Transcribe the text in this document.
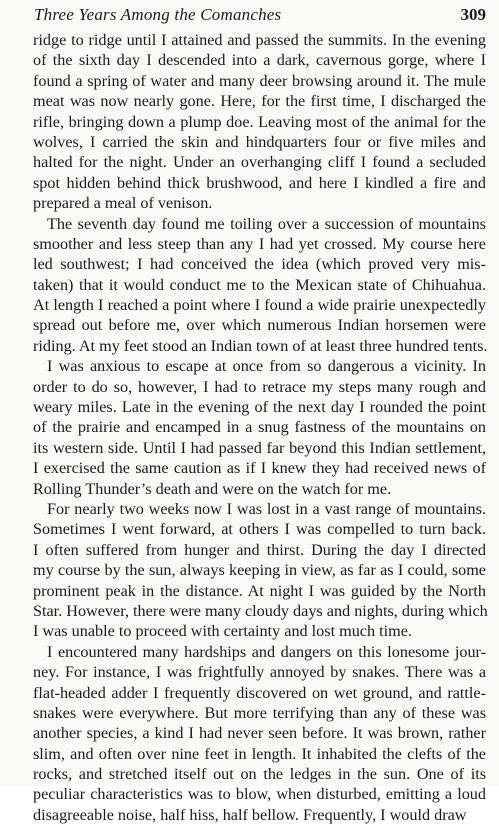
Three Years Among the Comanches	309
ridge to ridge until I attained and passed the summits. In the evening
of the sixth day I descended into a dark, cavernous gorge, where I
found a spring of water and many deer browsing around it. The mule
meat was now nearly gone. Here, for the first time, I discharged the
rifle, bringing down a plump doe. Leaving most of the animal for the
wolves, I carried the skin and hindquarters four or five miles and
halted for the night. Under an overhanging cliff I found a secluded
spot hidden behind thick brushwood, and here I kindled a fire and
prepared a meal of venison.
The seventh day found me toiling over a succession of mountains
smoother and less steep than any I had yet crossed. My course here
led southwest; I had conceived the idea (which proved very mis-
taken) that it would conduct me to the Mexican state of Chihuahua.
At length I reached a point where I found a wide prairie unexpectedly
spread out before me, over which numerous Indian horsemen were
riding. At my feet stood an Indian town of at least three hundred tents.
I was anxious to escape at once from so dangerous a vicinity. In
order to do so, however, I had to retrace my steps many rough and
weary miles. Late in the evening of the next day I rounded the point
of the prairie and encamped in a snug fastness of the mountains on
its western side. Until I had passed far beyond this Indian settlement,
I exercised the same caution as if I knew they had received news of
Rolling Thunder’s death and were on the watch for me.
For nearly two weeks now I was lost in a vast range of mountains.
Sometimes I went forward, at others I was compelled to turn back.
I often suffered from hunger and thirst. During the day I directed
my course by the sun, always keeping in view, as far as I could, some
prominent peak in the distance. At night I was guided by the North
Star. However, there were many cloudy days and nights, during which
I was unable to proceed with certainty and lost much time.
I encountered many hardships and dangers on this lonesome jour-
ney. For instance, I was frightfully annoyed by snakes. There was a
flat-headed adder I frequently discovered on wet ground, and rattle-
snakes were everywhere. But more terrifying than any of these was
another species, a kind I had never seen before. It was brown, rather
slim, and often over nine feet in length. It inhabited the clefts of the
rocks, and stretched itself out on the ledges in the sun. One of its
peculiar characteristics was to blow, when disturbed, emitting a loud
disagreeable noise, half hiss, half bellow. Frequently, I would draw
